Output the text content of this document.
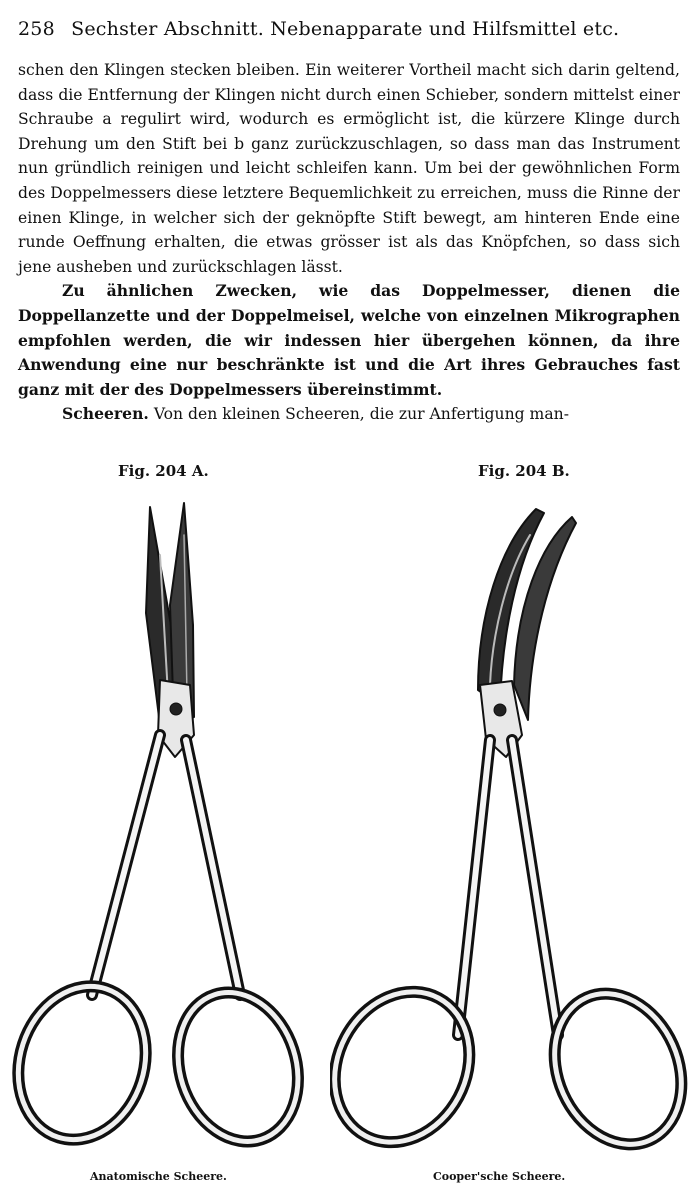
258 Sechster Abschnitt. Nebenapparate und Hilfsmittel etc.

schen den Klingen stecken bleiben. Ein weiterer Vortheil macht sich darin geltend, dass die Entfernung der Klingen nicht durch einen Schieber, sondern mittelst einer Schraube a regulirt wird, wodurch es ermöglicht ist, die kürzere Klinge durch Drehung um den Stift bei b ganz zurückzuschlagen, so dass man das Instrument nun gründlich reinigen und leicht schleifen kann. Um bei der gewöhnlichen Form des Doppelmessers diese letztere Bequemlichkeit zu erreichen, muss die Rinne der einen Klinge, in welcher sich der geknöpfte Stift bewegt, am hinteren Ende eine runde Oeffnung erhalten, die etwas grösser ist als das Knöpfchen, so dass sich jene ausheben und zurückschlagen lässt.

Zu ähnlichen Zwecken, wie das Doppelmesser, dienen die Doppellanzette und der Doppelmeisel, welche von einzelnen Mikrographen empfohlen werden, die wir indessen hier übergehen können, da ihre Anwendung eine nur beschränkte ist und die Art ihres Gebrauches fast ganz mit der des Doppelmessers übereinstimmt.

Scheeren. Von den kleinen Scheeren, die zur Anfertigung man-

Fig. 204 A.	Fig. 204 B.
Anatomische Scheere.	Cooper'sche Scheere.
